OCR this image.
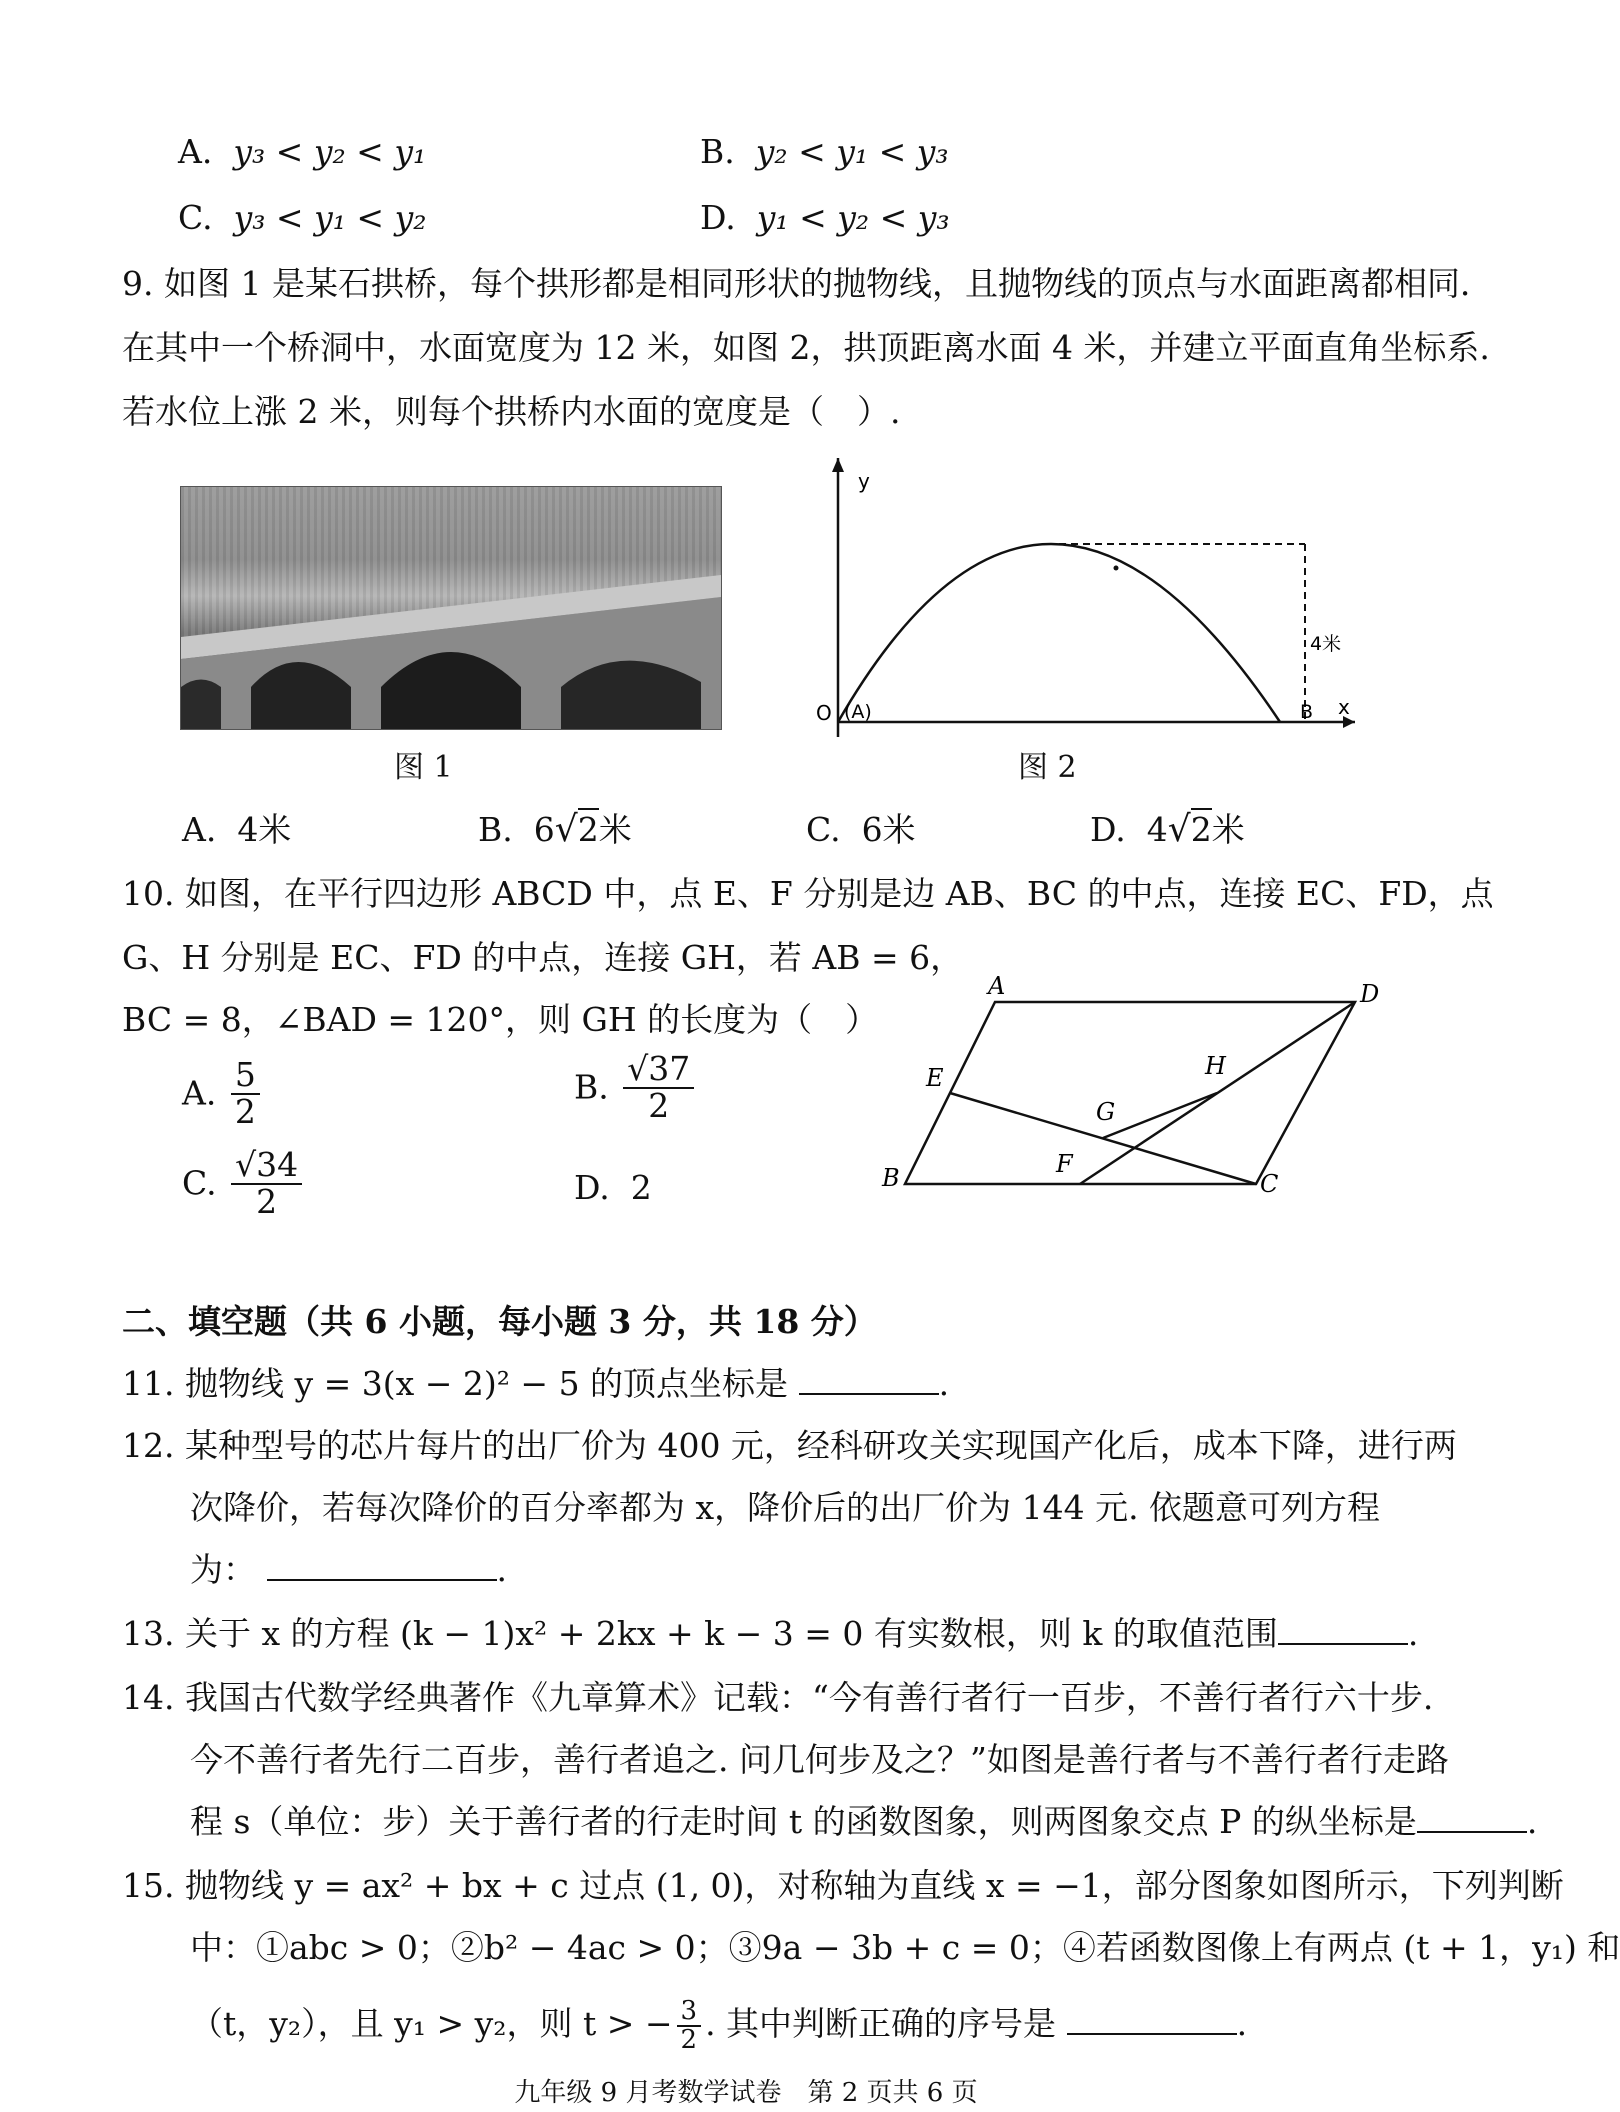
A. y₃ < y₂ < y₁	B. y₂ < y₁ < y₃
C. y₃ < y₁ < y₂	D. y₁ < y₂ < y₃
9. 如图 1 是某石拱桥，每个拱形都是相同形状的抛物线，且抛物线的顶点与水面距离都相同．
在其中一个桥洞中，水面宽度为 12 米，如图 2，拱顶距离水面 4 米，并建立平面直角坐标系.
若水位上涨 2 米，则每个拱桥内水面的宽度是（　）.
图 1
y
x
O (A)	B
4米
图 2
A. 4米	B. 6√2米	C. 6米	D. 4√2米
10. 如图，在平行四边形 ABCD 中，点 E、F 分别是边 AB、BC 的中点，连接 EC、FD，点
G、H 分别是 EC、FD 的中点，连接 GH，若 AB = 6，
BC = 8，∠BAD = 120°，则 GH 的长度为（　）
A. $\frac{5}{2}$	B. $\frac{√37}{2}$
C. $\frac{√34}{2}$	D. 2
A	D
E	H
G
F
B	C
二、填空题（共 6 小题，每小题 3 分，共 18 分）
11. 抛物线 y = 3(x − 2)² − 5 的顶点坐标是	.
12. 某种型号的芯片每片的出厂价为 400 元，经科研攻关实现国产化后，成本下降，进行两
次降价，若每次降价的百分率都为 x，降价后的出厂价为 144 元. 依题意可列方程
为：	.
13. 关于 x 的方程 (k − 1)x² + 2kx + k − 3 = 0 有实数根，则 k 的取值范围	.
14. 我国古代数学经典著作《九章算术》记载：“今有善行者行一百步，不善行者行六十步.
今不善行者先行二百步，善行者追之. 问几何步及之？”如图是善行者与不善行者行走路
程 s（单位：步）关于善行者的行走时间 t 的函数图象，则两图象交点 P 的纵坐标是	.
15. 抛物线 y = ax² + bx + c 过点 (1, 0)，对称轴为直线 x = −1，部分图象如图所示，下列判断
中：①abc > 0；②b² − 4ac > 0；③9a − 3b + c = 0；④若函数图像上有两点 (t + 1，y₁) 和
（t，y₂），且 y₁ > y₂，则 t > − $\frac{3}{2}$ . 其中判断正确的序号是	.
九年级 9 月考数学试卷　第 2 页共 6 页
